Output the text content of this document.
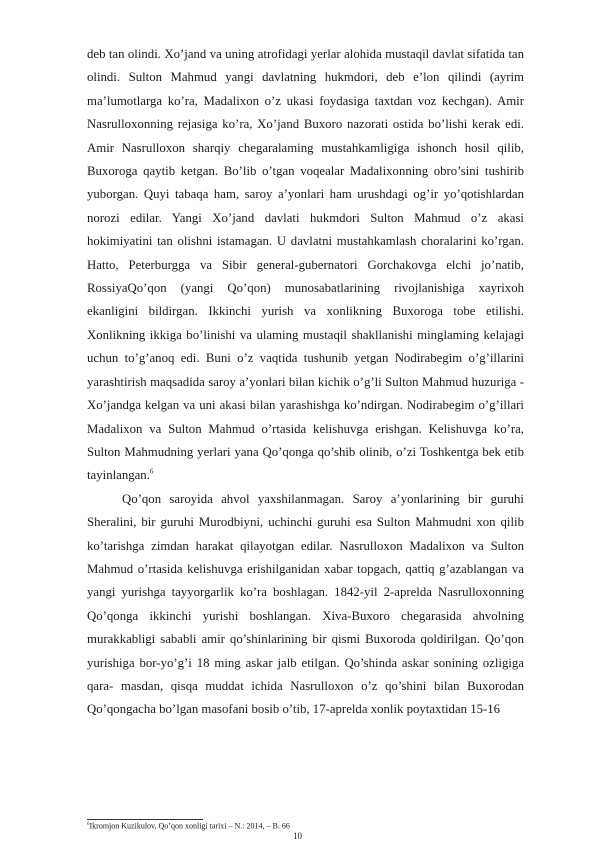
deb tan olindi. Xo’jand va uning atrofidagi yerlar alohida mustaqil davlat sifatida tan olindi. Sulton Mahmud yangi davlatning hukmdori, deb e’lon qilindi (ayrim ma’lumotlarga ko’ra, Madalixon o’z ukasi foydasiga taxtdan voz kechgan). Amir Nasrulloxonning rejasiga ko’ra, Xo’jand Buxoro nazorati ostida bo’lishi kerak edi. Amir Nasrulloxon sharqiy chegaralaming mustahkamligiga ishonch hosil qilib, Buxoroga qaytib ketgan. Bo’lib o’tgan voqealar Madalixonning obro’sini tushirib yuborgan. Quyi tabaqa ham, saroy a’yonlari ham urushdagi og’ir yo’qotishlardan norozi edilar. Yangi Xo’jand davlati hukmdori Sulton Mahmud o’z akasi hokimiyatini tan olishni istamagan. U davlatni mustahkamlash choralarini ko’rgan. Hatto, Peterburgga va Sibir general-gubernatori Gorchakovga elchi jo’natib, RossiyaQo’qon (yangi Qo’qon) munosabatlarining rivojlanishiga xayrixoh ekanligini bildirgan. Ikkinchi yurish va xonlikning Buxoroga tobe etilishi. Xonlikning ikkiga bo’linishi va ulaming mustaqil shakllanishi minglaming kelajagi uchun to’g’anoq edi. Buni o’z vaqtida tushunib yetgan Nodirabegim o’g’illarini yarashtirish maqsadida saroy a’yonlari bilan kichik o’g’li Sulton Mahmud huzuriga - Xo’jandga kelgan va uni akasi bilan yarashishga ko’ndirgan. Nodirabegim o’g’illari Madalixon va Sulton Mahmud o’rtasida kelishuvga erishgan. Kelishuvga ko’ra, Sulton Mahmudning yerlari yana Qo’qonga qo’shib olinib, o’zi Toshkentga bek etib tayinlangan.$^6$

Qo’qon saroyida ahvol yaxshilanmagan. Saroy a’yonlarining bir guruhi Sheralini, bir guruhi Murodbiyni, uchinchi guruhi esa Sulton Mahmudni xon qilib ko’tarishga zimdan harakat qilayotgan edilar. Nasrulloxon Madalixon va Sulton Mahmud o’rtasida kelishuvga erishilganidan xabar topgach, qattiq g’azablangan va yangi yurishga tayyorgarlik ko’ra boshlagan. 1842-yil 2-aprelda Nasrulloxonning Qo’qonga ikkinchi yurishi boshlangan. Xiva-Buxoro chegarasida ahvolning murakkabligi sababli amir qo’shinlarining bir qismi Buxoroda qoldirilgan. Qo’qon yurishiga bor-yo’g’i 18 ming askar jalb etilgan. Qo’shinda askar sonining ozligiga qara- masdan, qisqa muddat ichida Nasrulloxon o’z qo’shini bilan Buxorodan Qo’qongacha bo’lgan masofani bosib o’tib, 17-aprelda xonlik poytaxtidan 15-16

$^6$Ikromjon Kuzikulov, Qo’qon xonligi tarixi – N.: 2014, – B. 66
10
